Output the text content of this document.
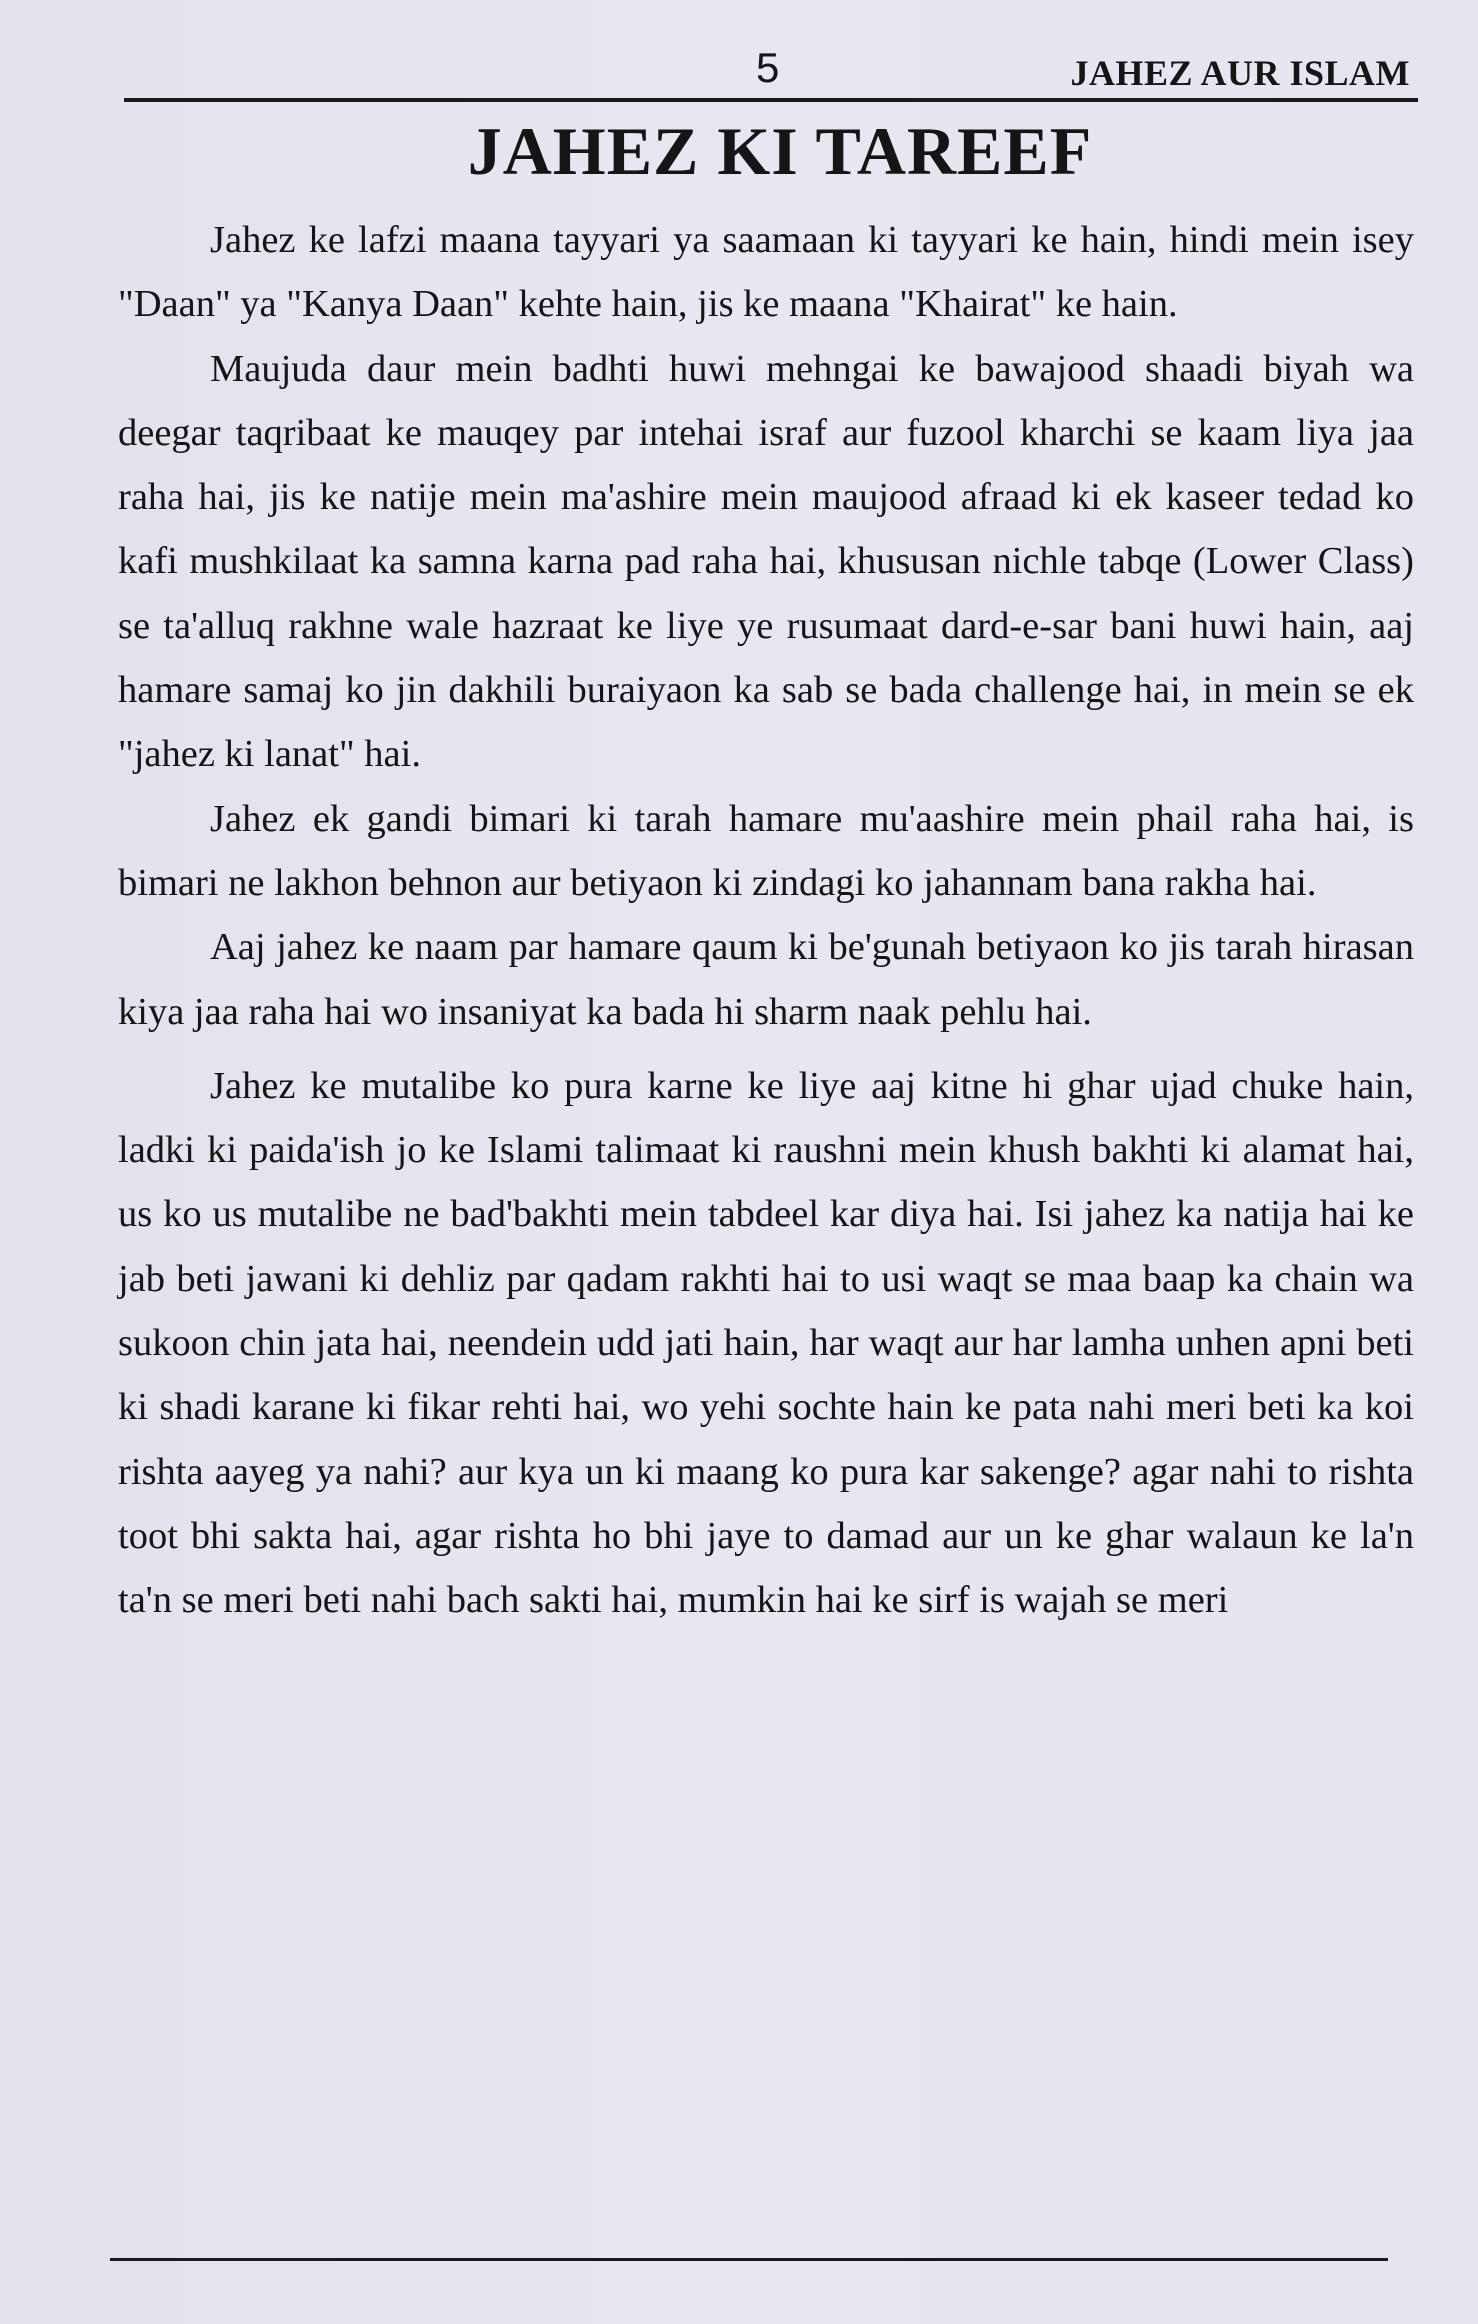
5	JAHEZ AUR ISLAM
JAHEZ KI TAREEF

Jahez ke lafzi maana tayyari ya saamaan ki tayyari ke hain, hindi mein isey "Daan" ya "Kanya Daan" kehte hain, jis ke maana "Khairat" ke hain.

Maujuda daur mein badhti huwi mehngai ke bawajood shaadi biyah wa deegar taqribaat ke mauqey par intehai israf aur fuzool kharchi se kaam liya jaa raha hai, jis ke natije mein ma'ashire mein maujood afraad ki ek kaseer tedad ko kafi mushkilaat ka samna karna pad raha hai, khususan nichle tabqe (Lower Class) se ta'alluq rakhne wale hazraat ke liye ye rusumaat dard-e-sar bani huwi hain, aaj hamare samaj ko jin dakhili buraiyaon ka sab se bada challenge hai, in mein se ek "jahez ki lanat" hai.

Jahez ek gandi bimari ki tarah hamare mu'aashire mein phail raha hai, is bimari ne lakhon behnon aur betiyaon ki zindagi ko jahannam bana rakha hai.

Aaj jahez ke naam par hamare qaum ki be'gunah betiyaon ko jis tarah hirasan kiya jaa raha hai wo insaniyat ka bada hi sharm naak pehlu hai.

Jahez ke mutalibe ko pura karne ke liye aaj kitne hi ghar ujad chuke hain, ladki ki paida'ish jo ke Islami talimaat ki raushni mein khush bakhti ki alamat hai, us ko us mutalibe ne bad'bakhti mein tabdeel kar diya hai. Isi jahez ka natija hai ke jab beti jawani ki dehliz par qadam rakhti hai to usi waqt se maa baap ka chain wa sukoon chin jata hai, neendein udd jati hain, har waqt aur har lamha unhen apni beti ki shadi karane ki fikar rehti hai, wo yehi sochte hain ke pata nahi meri beti ka koi rishta aayeg ya nahi? aur kya un ki maang ko pura kar sakenge? agar nahi to rishta toot bhi sakta hai, agar rishta ho bhi jaye to damad aur un ke ghar walaun ke la'n ta'n se meri beti nahi bach sakti hai, mumkin hai ke sirf is wajah se meri
